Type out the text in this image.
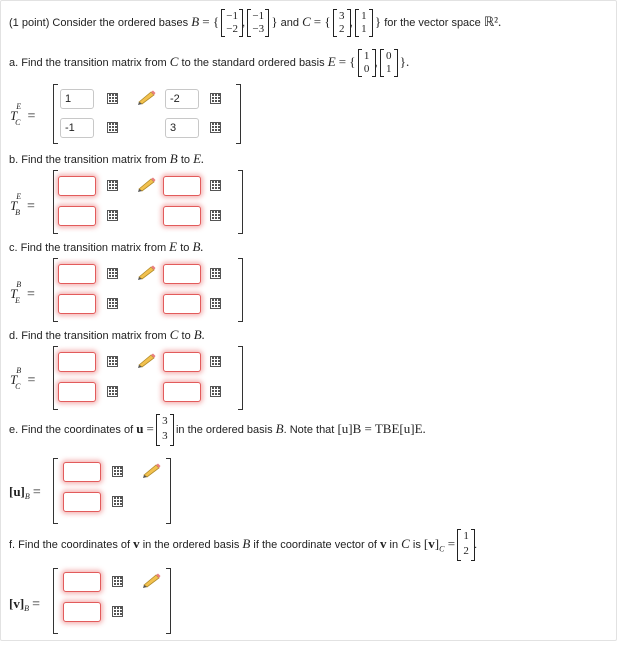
(1 point) Consider the ordered bases B = { −1
−2
,
−1
−3
} and C = { 3
2
,
1
1
} for the vector space ℝ².
a. Find the transition matrix from C to the standard ordered basis E = { 1
0
,
0
1
}.
$T^E_C$ =
1
-2
-1
3
b. Find the transition matrix from B to E.
$T^E_B$ =
c. Find the transition matrix from E to B.
$T^B_E$ =
d. Find the transition matrix from C to B.
$T^B_C$ =
e. Find the coordinates of u = 3
3
in the ordered basis B. Note that [u]B = TBE[u]E.
$[u]_B$ =
f. Find the coordinates of v in the ordered basis B if the coordinate vector of v in C is $[v]_C = 1$
2
.
$[v]_B$ =
